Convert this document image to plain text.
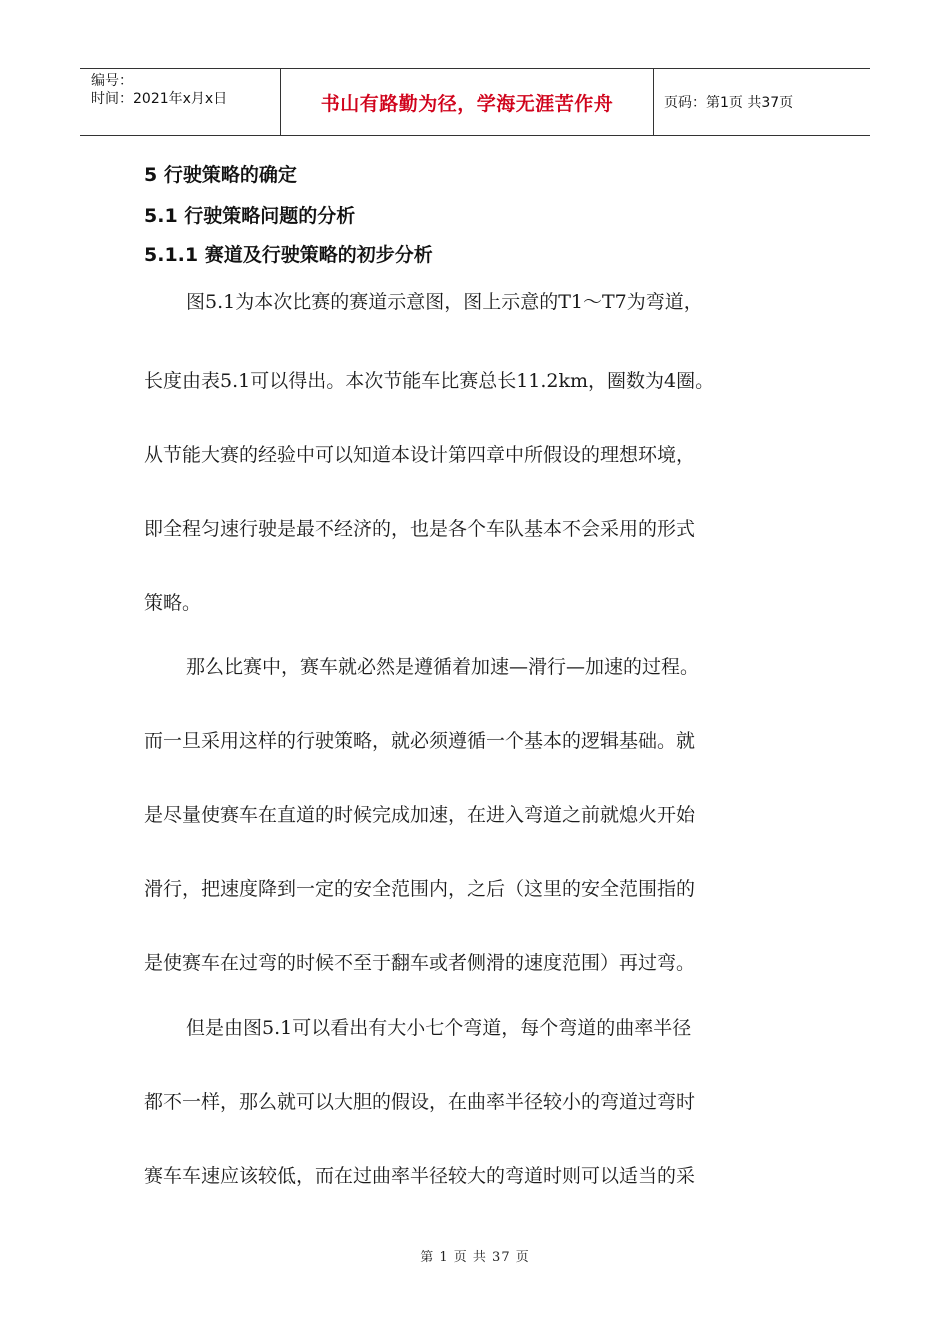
编号：
时间：2021年x月x日	书山有路勤为径，学海无涯苦作舟	页码：第1页 共37页
5 行驶策略的确定
5.1 行驶策略问题的分析
5.1.1 赛道及行驶策略的初步分析
图5.1为本次比赛的赛道示意图，图上示意的T1～T7为弯道，
长度由表5.1可以得出。本次节能车比赛总长11.2km，圈数为4圈。
从节能大赛的经验中可以知道本设计第四章中所假设的理想环境，
即全程匀速行驶是最不经济的，也是各个车队基本不会采用的形式
策略。
那么比赛中，赛车就必然是遵循着加速—滑行—加速的过程。
而一旦采用这样的行驶策略，就必须遵循一个基本的逻辑基础。就
是尽量使赛车在直道的时候完成加速，在进入弯道之前就熄火开始
滑行，把速度降到一定的安全范围内，之后（这里的安全范围指的
是使赛车在过弯的时候不至于翻车或者侧滑的速度范围）再过弯。
但是由图5.1可以看出有大小七个弯道，每个弯道的曲率半径
都不一样，那么就可以大胆的假设，在曲率半径较小的弯道过弯时
赛车车速应该较低，而在过曲率半径较大的弯道时则可以适当的采
第 1 页 共 37 页
